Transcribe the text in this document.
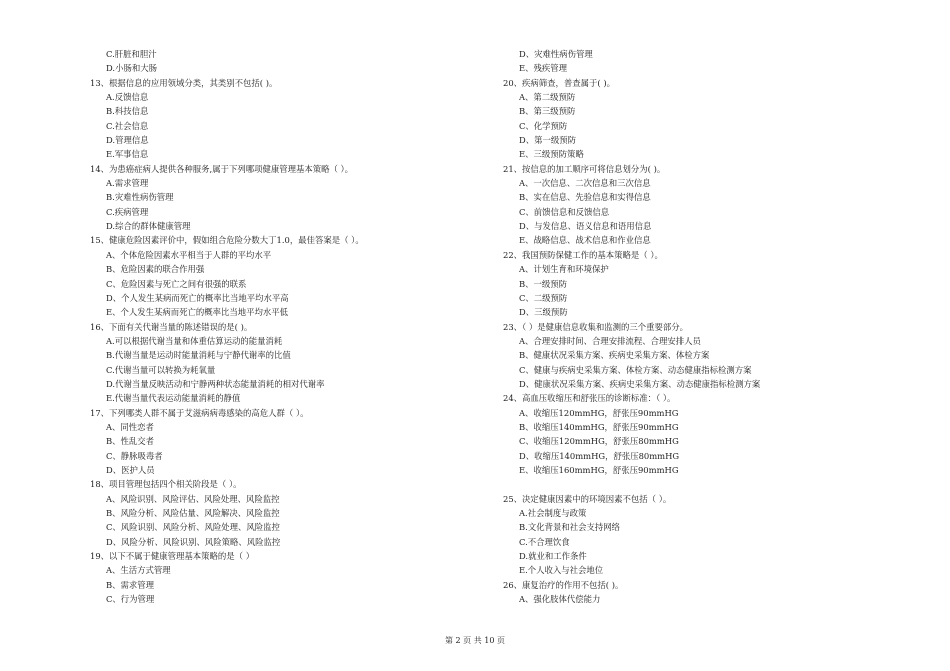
C.肝脏和胆汁
D.小肠和大肠
13、根据信息的应用领域分类，其类别不包括( )。
A.反馈信息
B.科技信息
C.社会信息
D.管理信息
E.军事信息
14、为患癌症病人提供各种服务,属于下列哪项健康管理基本策略（ ）。
A.需求管理
B.灾难性病伤管理
C.疾病管理
D.综合的群体健康管理
15、健康危险因素评价中，假如组合危险分数大丁1.0，最佳答案是（ ）。
A、个体危险因素水平相当于人群的平均水平
B、危险因素的联合作用强
C、危险因素与死亡之间有很强的联系
D、个人发生某病而死亡的概率比当地平均水平高
E、个人发生某病而死亡的概率比当地平均水平低
16、下面有关代谢当量的陈述错误的是( )。
A.可以根据代谢当量和体重估算运动的能量消耗
B.代谢当量是运动时能量消耗与宁静代谢率的比值
C.代谢当量可以转换为耗氧量
D.代谢当量反映活动和宁静两种状态能量消耗的相对代谢率
E.代谢当量代表运动能量消耗的静值
17、下列哪类人群不属于艾滋病病毒感染的高危人群（ ）。
A、同性恋者
B、性乱交者
C、静脉吸毒者
D、医护人员
18、项目管理包括四个相关阶段是（ ）。
A、风险识别、风险评估、风险处理、风险监控
B、风险分析、风险估量、风险解决、风险监控
C、风险识别、风险分析、风险处理、风险监控
D、风险分析、风险识别、风险策略、风险监控
19、以下不属于健康管理基本策略的是（ ）
A、生活方式管理
B、需求管理
C、行为管理
D、灾难性病伤管理
E、残疾管理
20、疾病筛查，普查属于( )。
A、第二级预防
B、第三级预防
C、化学预防
D、第一级预防
E、三级预防策略
21、按信息的加工顺序可将信息划分为( )。
A、一次信息、二次信息和三次信息
B、实在信息、先验信息和实得信息
C、前馈信息和反馈信息
D、与发信息、语义信息和语用信息
E、战略信息、战术信息和作业信息
22、我国预防保健工作的基本策略是（ ）。
A、计划生育和环境保护
B、一级预防
C、二级预防
D、三级预防
23、（ ）是健康信息收集和监测的三个重要部分。
A、合理安排时间、合理安排流程、合理安排人员
B、健康状况采集方案、疾病史采集方案、体检方案
C、健康与疾病史采集方案、体检方案、动态健康指标检测方案
D、健康状况采集方案、疾病史采集方案、动态健康指标检测方案
24、高血压收缩压和舒张压的诊断标准：（ ）。
A、收缩压120mmHG，舒张压90mmHG
B、收缩压140mmHG，舒张压90mmHG
C、收缩压120mmHG，舒张压80mmHG
D、收缩压140mmHG，舒张压80mmHG
E、收缩压160mmHG，舒张压90mmHG
25、决定健康因素中的环境因素不包括（ ）。
A.社会制度与政策
B.文化背景和社会支持网络
C.不合理饮食
D.就业和工作条件
E.个人收入与社会地位
26、康复治疗的作用不包括( )。
A、强化肢体代偿能力
第 2 页 共 10 页
